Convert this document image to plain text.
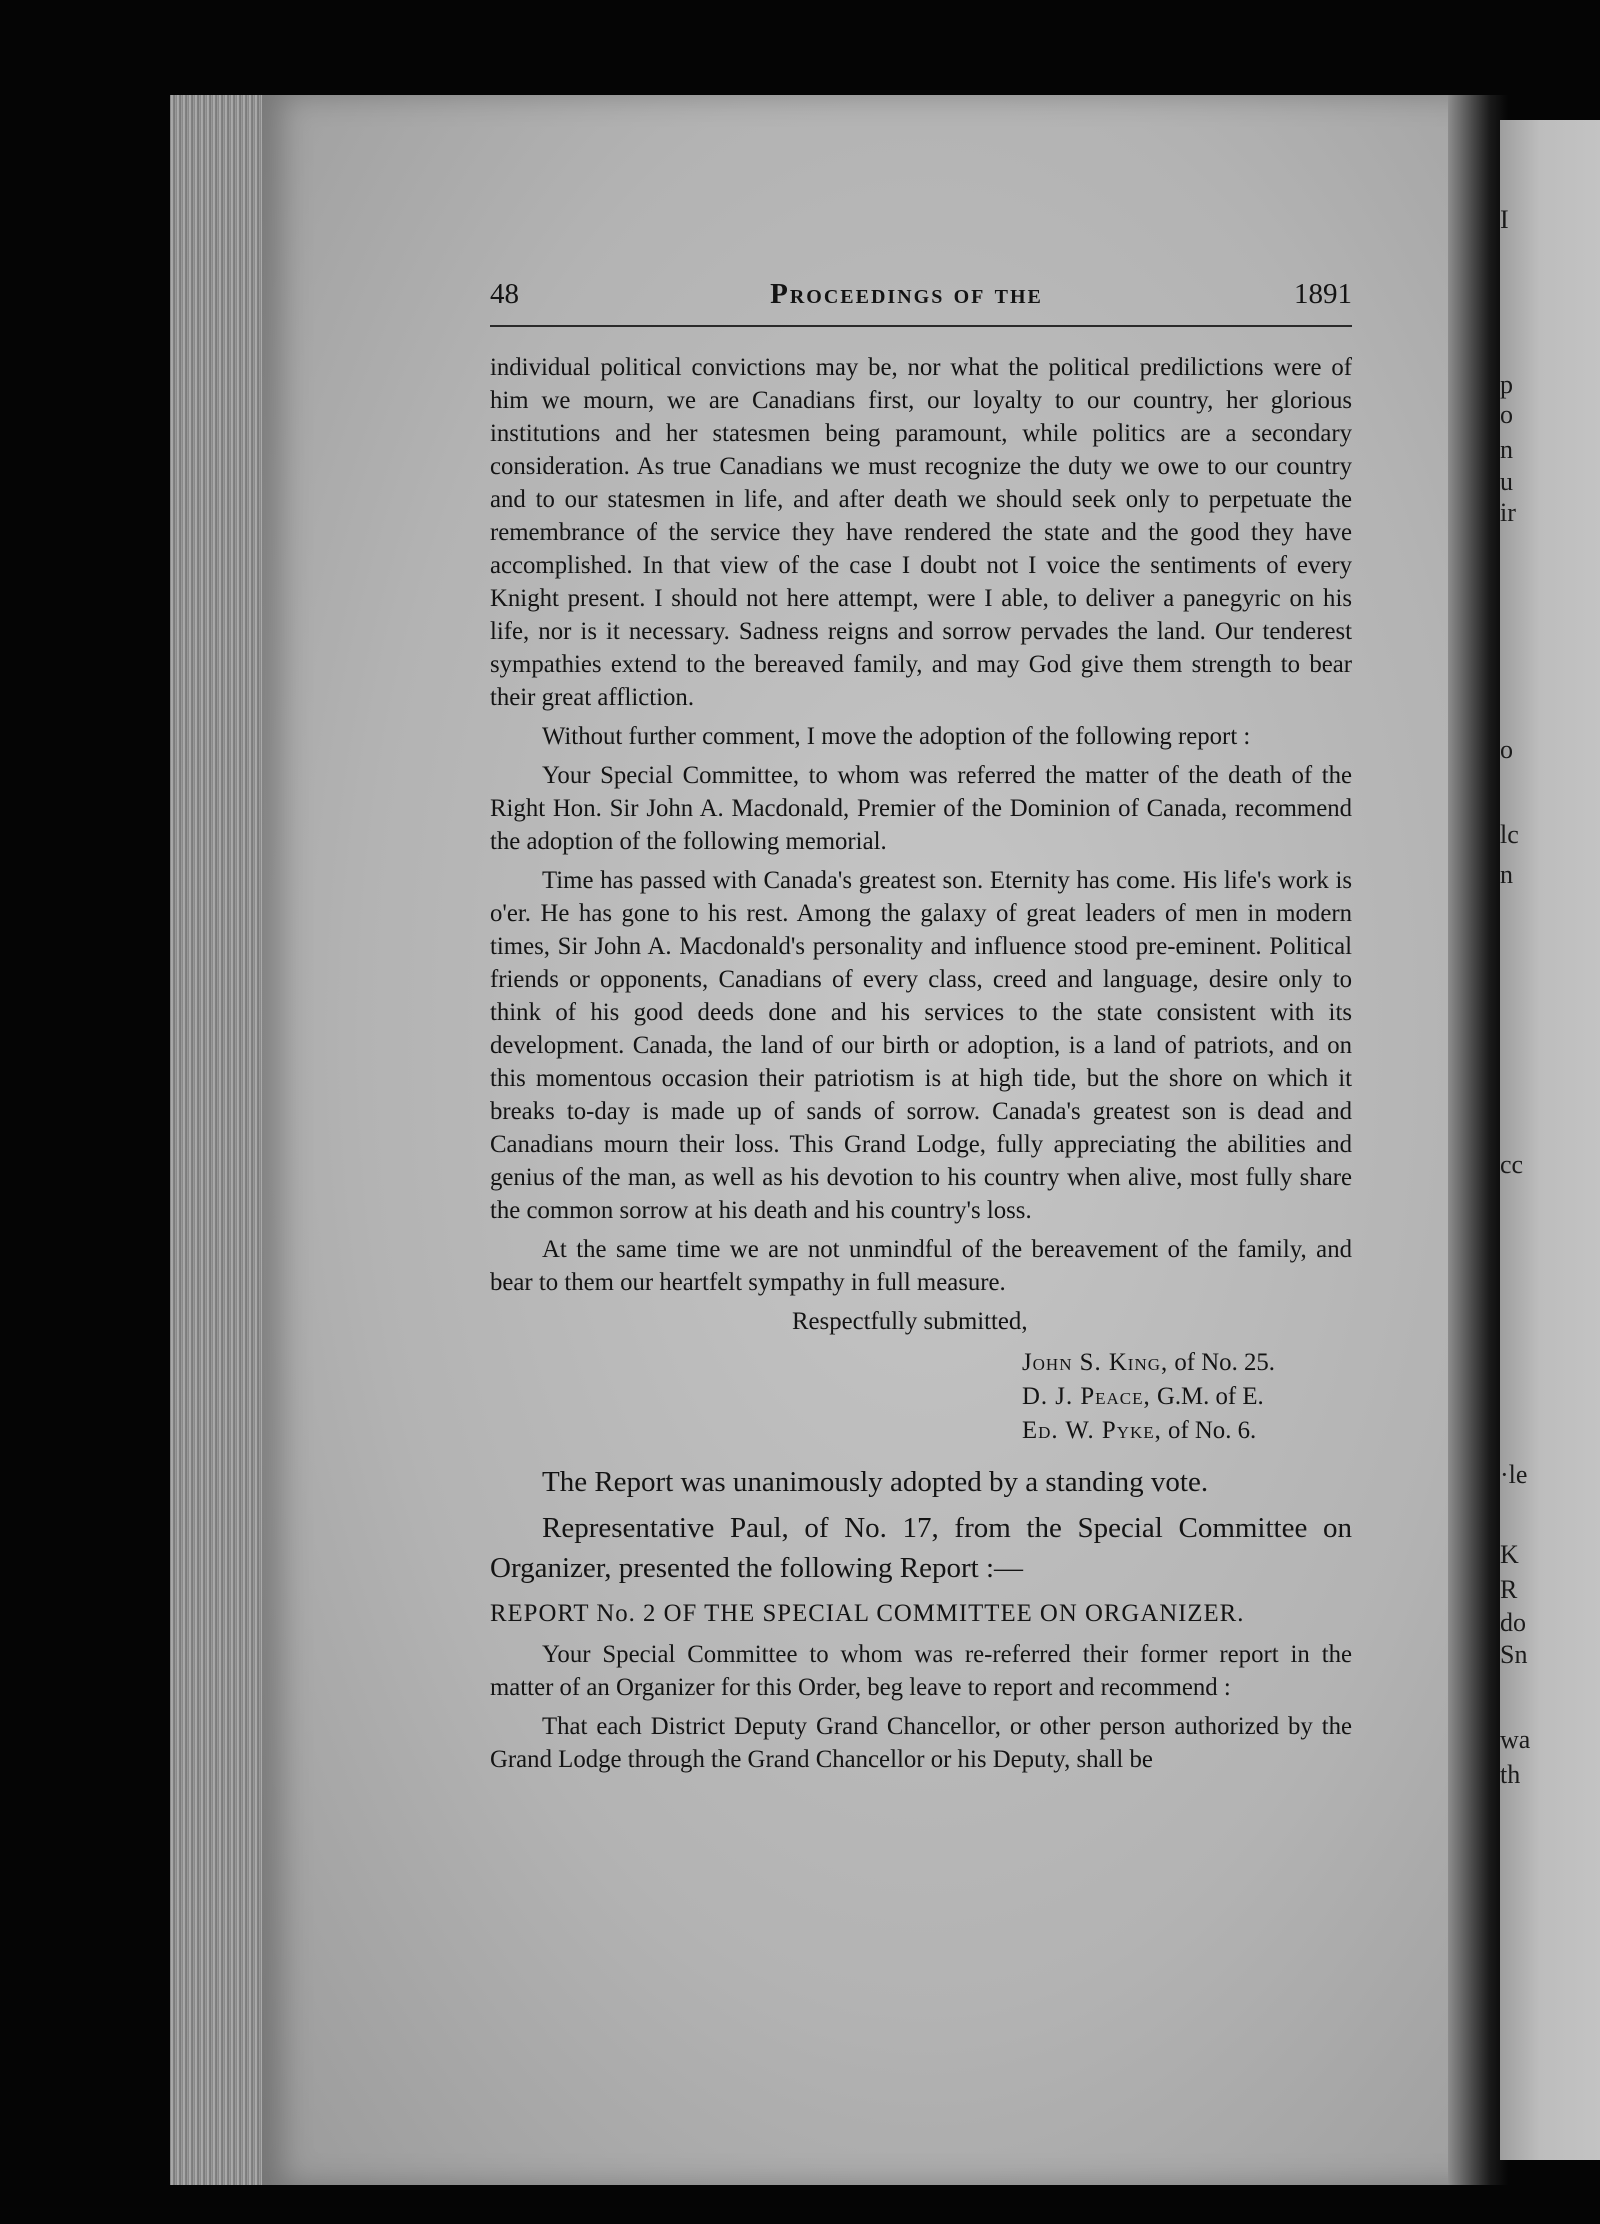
I
p
o
n
u
ir
o
lc
n
cc
·le
K
R
do
Sn
wa
th
48	Proceedings of the	1891

individual political convictions may be, nor what the political predilictions were of him we mourn, we are Canadians first, our loyalty to our country, her glorious institutions and her statesmen being paramount, while politics are a secondary consideration. As true Canadians we must recognize the duty we owe to our country and to our statesmen in life, and after death we should seek only to perpetuate the remembrance of the service they have rendered the state and the good they have accomplished. In that view of the case I doubt not I voice the sentiments of every Knight present. I should not here attempt, were I able, to deliver a panegyric on his life, nor is it necessary. Sadness reigns and sorrow pervades the land. Our tenderest sympathies extend to the bereaved family, and may God give them strength to bear their great affliction.

Without further comment, I move the adoption of the following report :

Your Special Committee, to whom was referred the matter of the death of the Right Hon. Sir John A. Macdonald, Premier of the Dominion of Canada, recommend the adoption of the following memorial.

Time has passed with Canada's greatest son. Eternity has come. His life's work is o'er. He has gone to his rest. Among the galaxy of great leaders of men in modern times, Sir John A. Macdonald's personality and influence stood pre-eminent. Political friends or opponents, Canadians of every class, creed and language, desire only to think of his good deeds done and his services to the state consistent with its development. Canada, the land of our birth or adoption, is a land of patriots, and on this momentous occasion their patriotism is at high tide, but the shore on which it breaks to-day is made up of sands of sorrow. Canada's greatest son is dead and Canadians mourn their loss. This Grand Lodge, fully appreciating the abilities and genius of the man, as well as his devotion to his country when alive, most fully share the common sorrow at his death and his country's loss.

At the same time we are not unmindful of the bereavement of the family, and bear to them our heartfelt sympathy in full measure.

Respectfully submitted,
John S. King, of No. 25.
D. J. Peace, G.M. of E.
Ed. W. Pyke, of No. 6.

The Report was unanimously adopted by a standing vote.

Representative Paul, of No. 17, from the Special Committee on Organizer, presented the following Report :—

REPORT No. 2 OF THE SPECIAL COMMITTEE ON ORGANIZER.

Your Special Committee to whom was re-referred their former report in the matter of an Organizer for this Order, beg leave to report and recommend :

That each District Deputy Grand Chancellor, or other person authorized by the Grand Lodge through the Grand Chancellor or his Deputy, shall be
